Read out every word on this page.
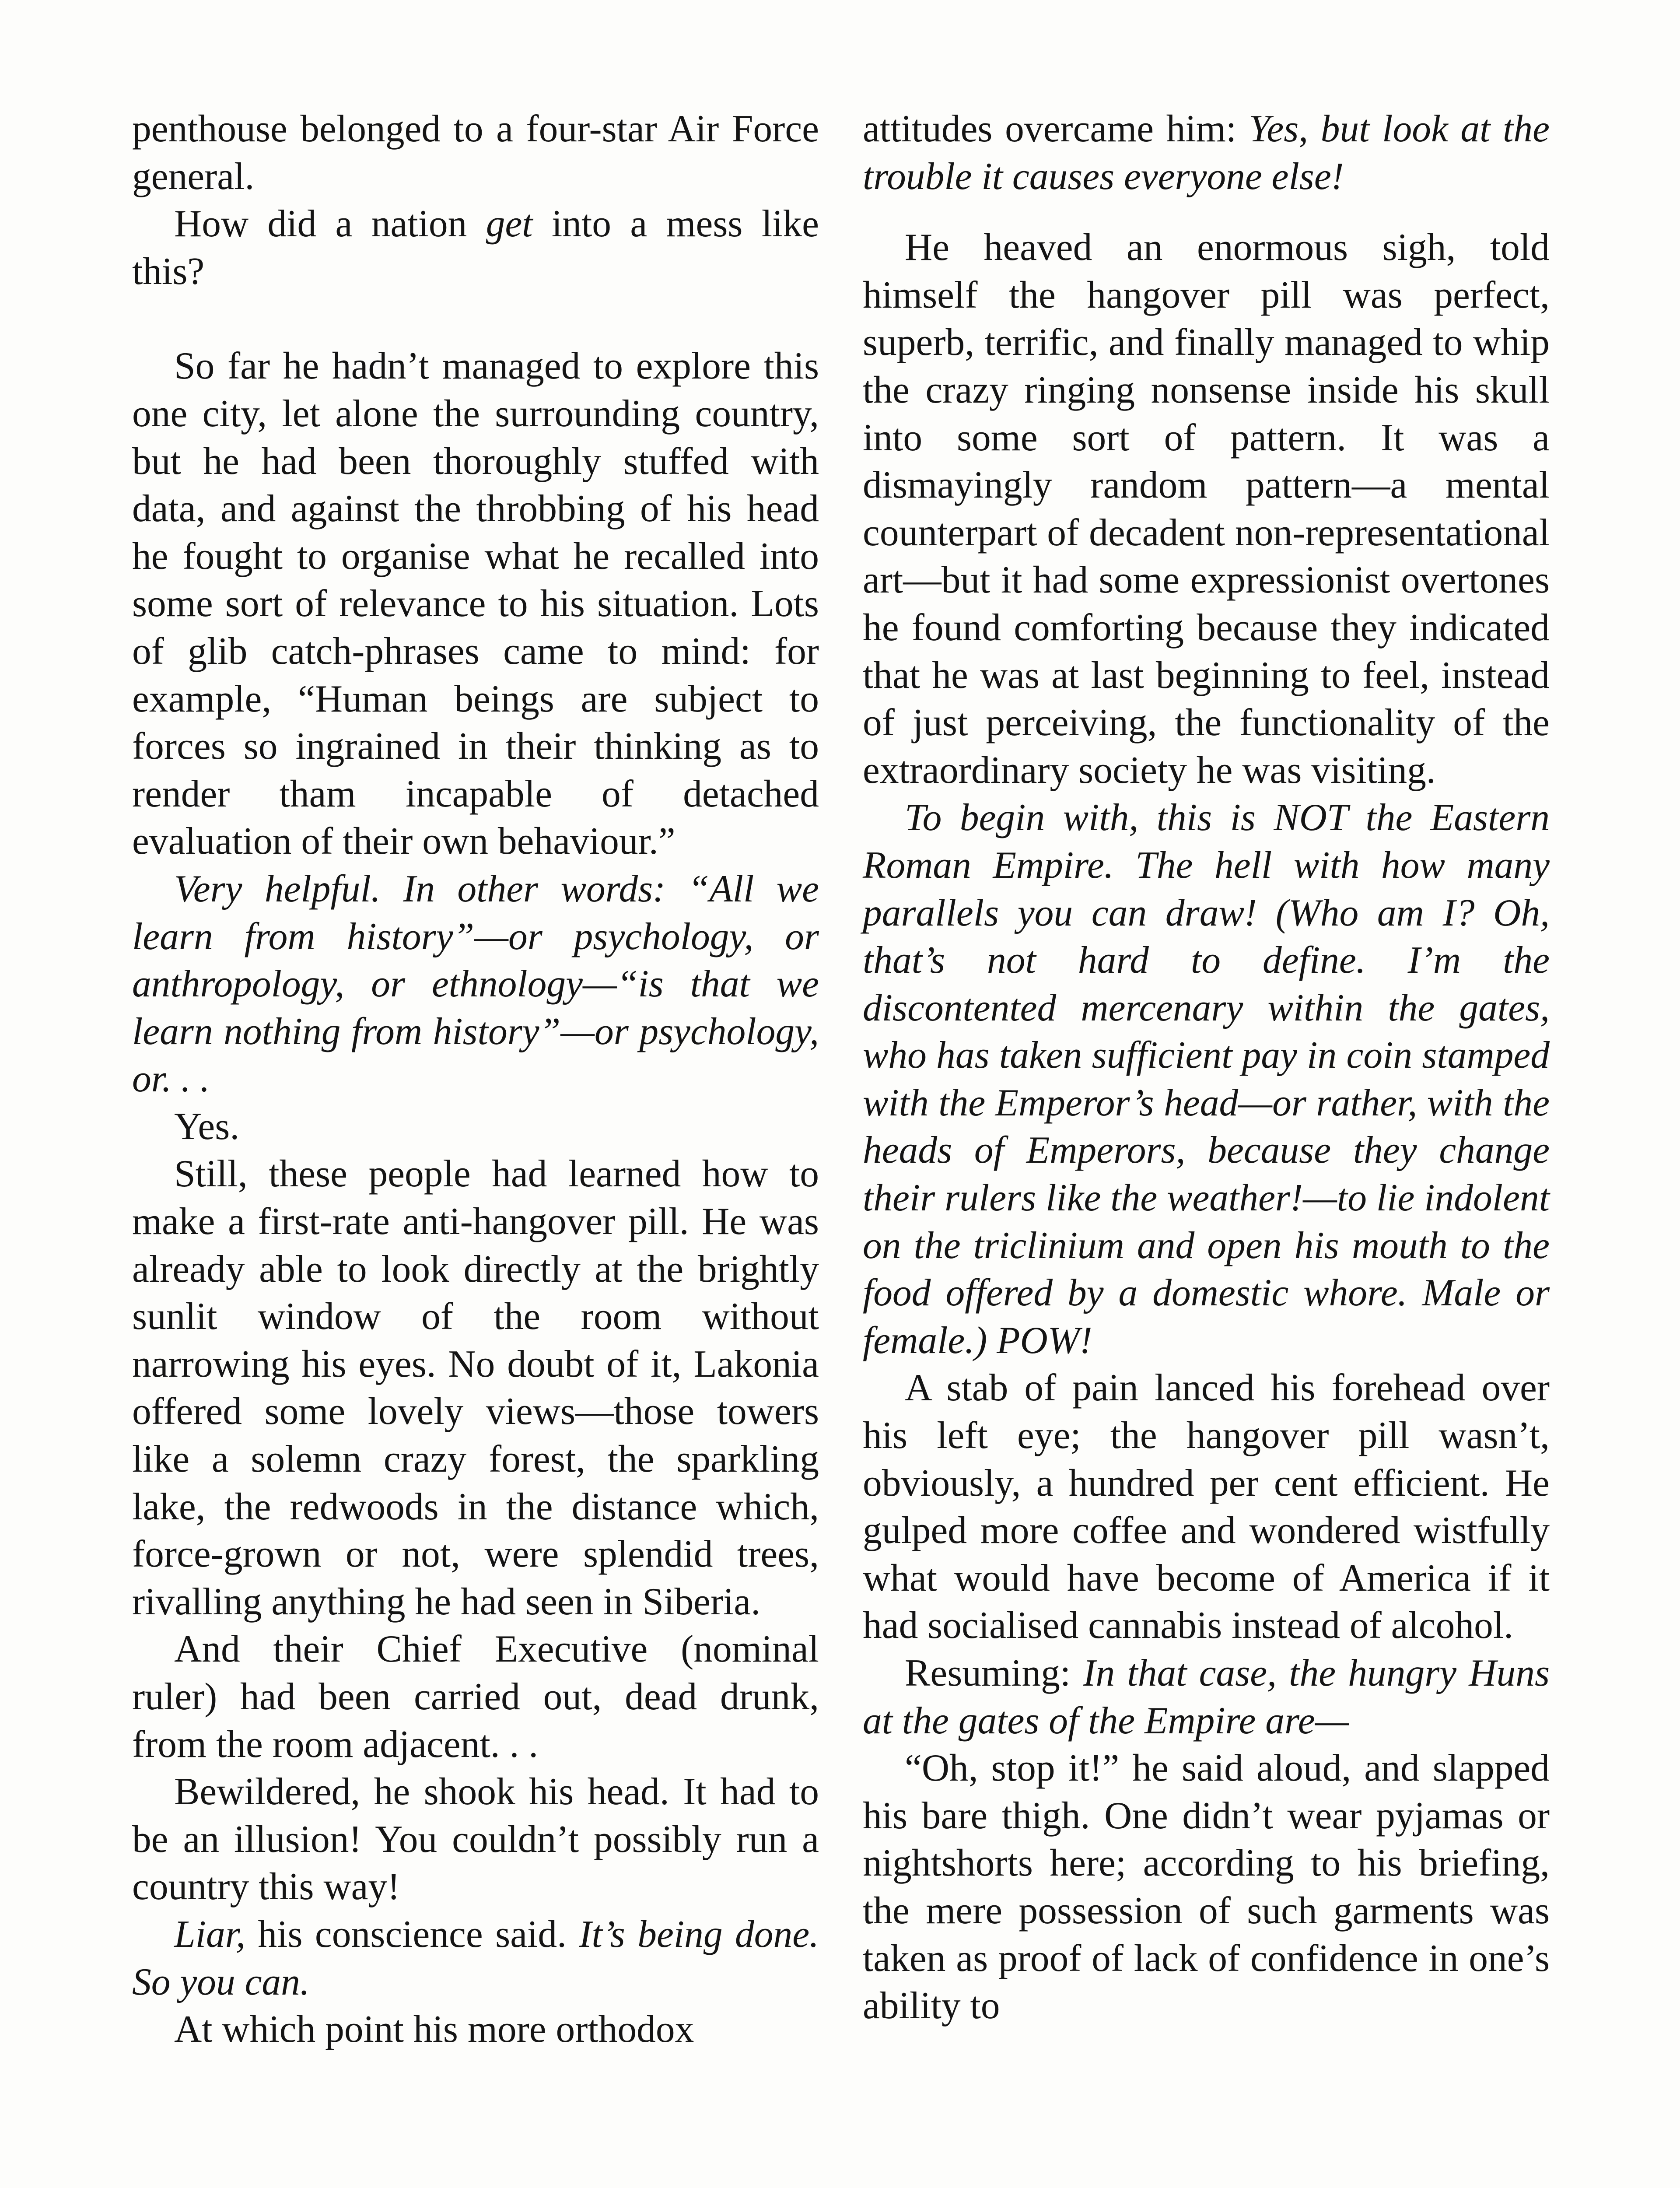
penthouse belonged to a four-star Air Force general.

How did a nation get into a mess like this?

So far he hadn’t managed to explore this one city, let alone the surrounding country, but he had been thoroughly stuffed with data, and against the throbbing of his head he fought to organise what he recalled into some sort of relevance to his situation. Lots of glib catch-phrases came to mind: for example, “Human beings are subject to forces so ingrained in their thinking as to render tham incapable of detached evaluation of their own behaviour.”

Very helpful. In other words: “All we learn from history”—or psychology, or anthropology, or ethnology—“is that we learn nothing from history”—or psychology, or. . .

Yes.

Still, these people had learned how to make a first-rate anti-hangover pill. He was already able to look directly at the brightly sunlit window of the room without narrowing his eyes. No doubt of it, Lakonia offered some lovely views—those towers like a solemn crazy forest, the sparkling lake, the redwoods in the distance which, force-grown or not, were splendid trees, rivalling anything he had seen in Siberia.

And their Chief Executive (nominal ruler) had been carried out, dead drunk, from the room adjacent. . .

Bewildered, he shook his head. It had to be an illusion! You couldn’t possibly run a country this way!

Liar, his conscience said. It’s being done. So you can.

At which point his more orthodox

attitudes overcame him: Yes, but look at the trouble it causes everyone else!

He heaved an enormous sigh, told himself the hangover pill was perfect, superb, terrific, and finally managed to whip the crazy ringing nonsense inside his skull into some sort of pattern. It was a dismayingly random pattern—a mental counterpart of decadent non-representational art—but it had some expressionist overtones he found comforting because they indicated that he was at last beginning to feel, instead of just perceiving, the functionality of the extraordinary society he was visiting.

To begin with, this is NOT the Eastern Roman Empire. The hell with how many parallels you can draw! (Who am I? Oh, that’s not hard to define. I’m the discontented mercenary within the gates, who has taken sufficient pay in coin stamped with the Emperor’s head—or rather, with the heads of Emperors, because they change their rulers like the weather!—to lie indolent on the triclinium and open his mouth to the food offered by a domestic whore. Male or female.) POW!

A stab of pain lanced his forehead over his left eye; the hangover pill wasn’t, obviously, a hundred per cent efficient. He gulped more coffee and wondered wistfully what would have become of America if it had socialised cannabis instead of alcohol.

Resuming: In that case, the hungry Huns at the gates of the Empire are—

“Oh, stop it!” he said aloud, and slapped his bare thigh. One didn’t wear pyjamas or nightshorts here; according to his briefing, the mere possession of such garments was taken as proof of lack of confidence in one’s ability to
